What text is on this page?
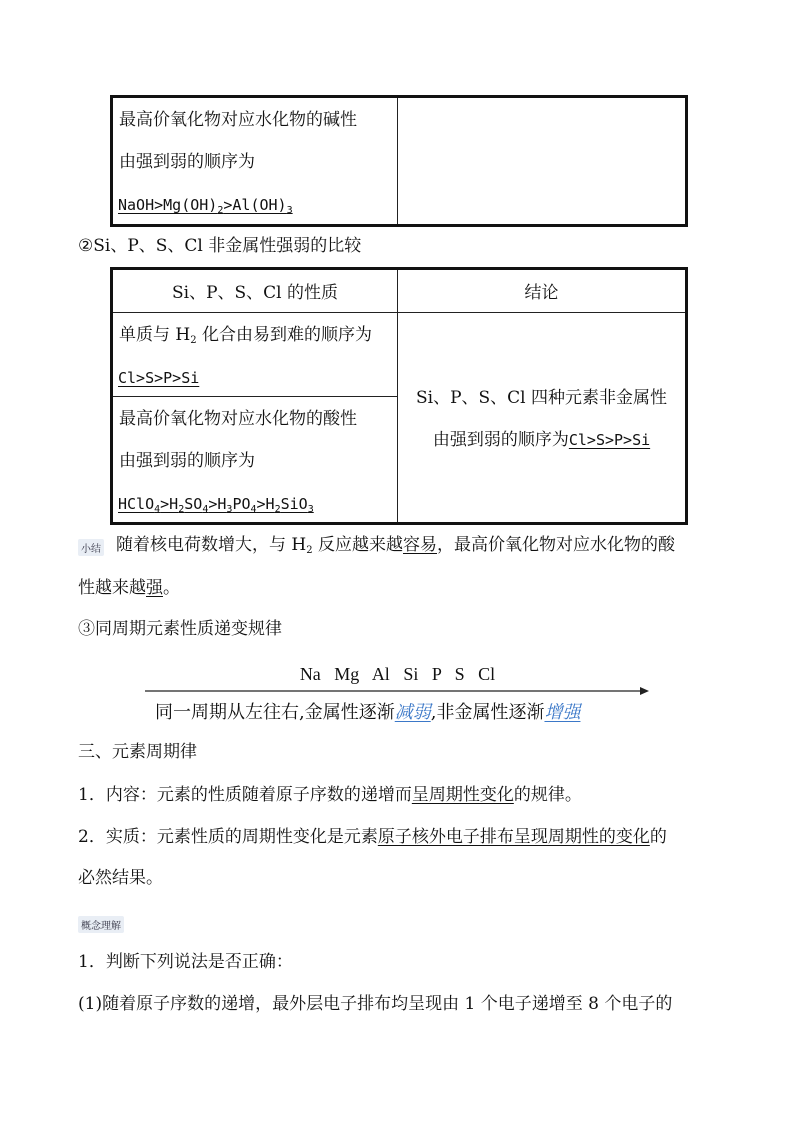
最高价氧化物对应水化物的碱性
由强到弱的顺序为
$NaOH>Mg(OH)_2>Al(OH)_3$
②Si、P、S、Cl 非金属性强弱的比较
Si、P、S、Cl 的性质	结论
单质与 $H_2$ 化合由易到难的顺序为
Cl>S>P>Si
最高价氧化物对应水化物的酸性
由强到弱的顺序为
$HClO_4>H_2SO_4>H_3PO_4>H_2SiO_3$
Si、P、S、Cl 四种元素非金属性
由强到弱的顺序为Cl>S>P>Si
小结 随着核电荷数增大，与 $H_2$ 反应越来越容易，最高价氧化物对应水化物的酸
性越来越强。
③同周期元素性质递变规律
Na   Mg   Al   Si   P   S   Cl
同一周期从左往右,金属性逐渐减弱,非金属性逐渐增强
三、元素周期律
1．内容：元素的性质随着原子序数的递增而呈周期性变化的规律。
2．实质：元素性质的周期性变化是元素原子核外电子排布呈现周期性的变化的
必然结果。
概念理解
1．判断下列说法是否正确：
(1)随着原子序数的递增，最外层电子排布均呈现由 1 个电子递增至 8 个电子的
